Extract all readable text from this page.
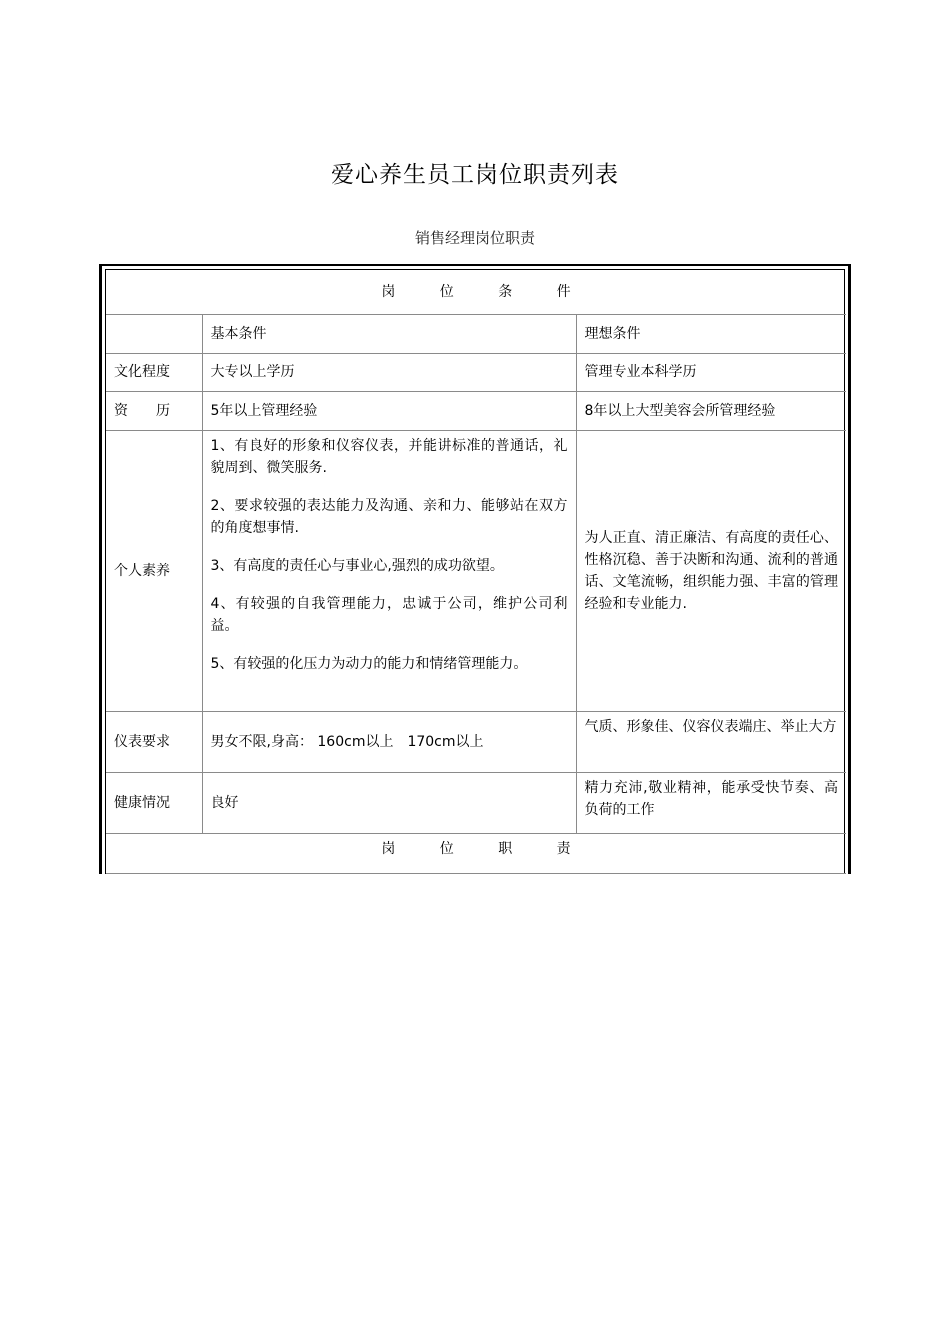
爱心养生员工岗位职责列表
销售经理岗位职责
岗 位 条 件		
	基本条件	理想条件
文化程度	大专以上学历	管理专业本科学历
资　　历	5年以上管理经验	8年以上大型美容会所管理经验
个人素养	1、有良好的形象和仪容仪表，并能讲标准的普通话，礼貌周到、微笑服务.

2、要求较强的表达能力及沟通、亲和力、能够站在双方的角度想事情.

3、有高度的责任心与事业心,强烈的成功欲望。

4、有较强的自我管理能力，忠诚于公司，维护公司利益。

5、有较强的化压力为动力的能力和情绪管理能力。	为人正直、清正廉洁、有高度的责任心、性格沉稳、善于决断和沟通、流利的普通话、文笔流畅，组织能力强、丰富的管理经验和专业能力.
仪表要求	男女不限,身高： 160cm以上　170cm以上	气质、形象佳、仪容仪表端庄、举止大方
健康情况	良好	精力充沛,敬业精神，能承受快节奏、高负荷的工作
岗 位 职 责		
